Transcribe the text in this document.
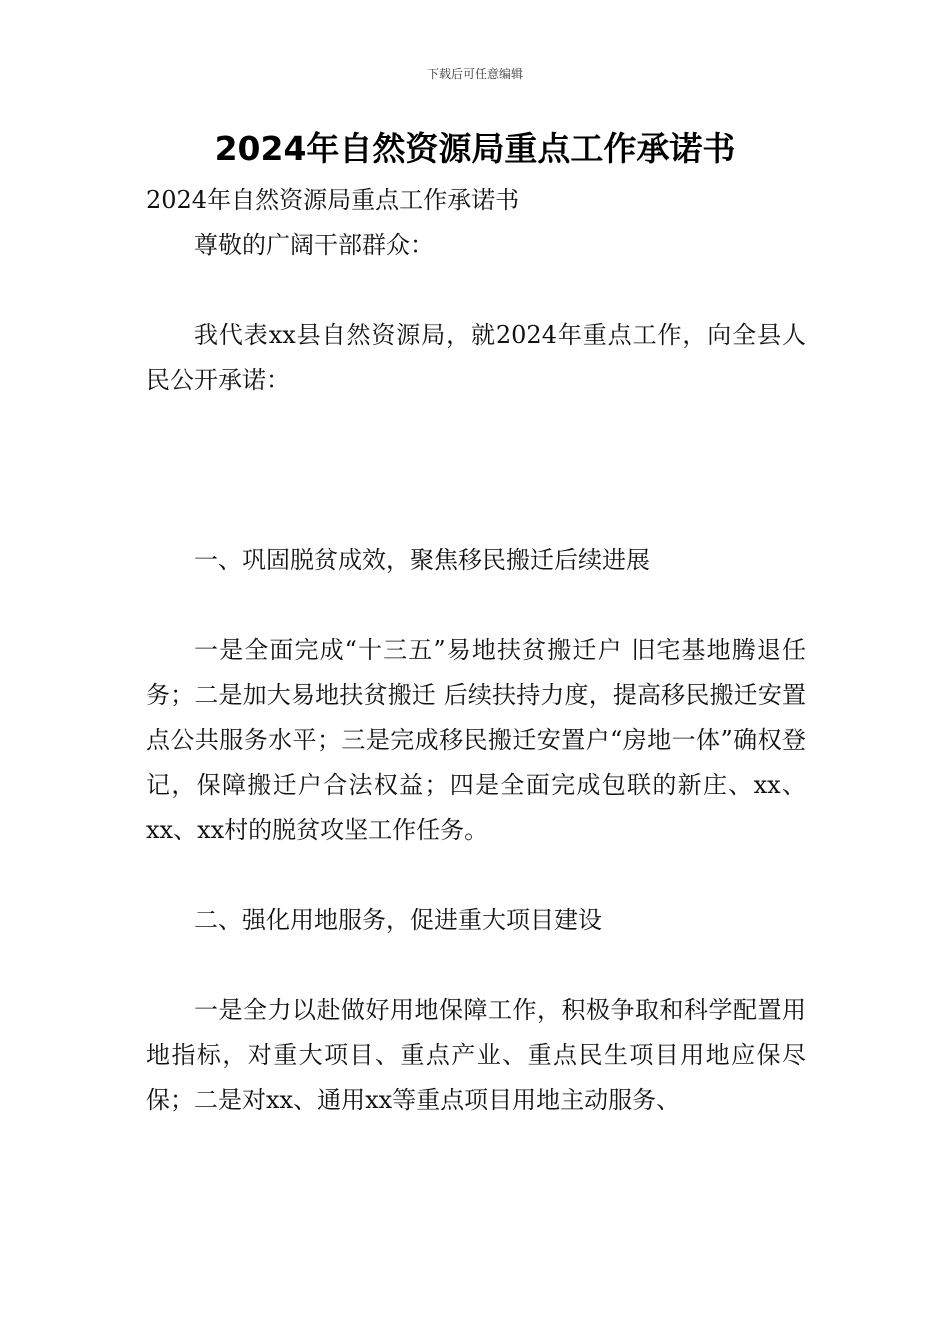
下载后可任意编辑
2024年自然资源局重点工作承诺书

2024年自然资源局重点工作承诺书

尊敬的广阔干部群众：

我代表xx县自然资源局，就2024年重点工作，向全县人民公开承诺：

一、巩固脱贫成效，聚焦移民搬迁后续进展

一是全面完成“十三五”易地扶贫搬迁户 旧宅基地腾退任务；二是加大易地扶贫搬迁 后续扶持力度，提高移民搬迁安置点公共服务水平；三是完成移民搬迁安置户“房地一体”确权登记，保障搬迁户合法权益；四是全面完成包联的新庄、xx、xx、xx村的脱贫攻坚工作任务。

二、强化用地服务，促进重大项目建设

一是全力以赴做好用地保障工作，积极争取和科学配置用地指标，对重大项目、重点产业、重点民生项目用地应保尽保；二是对xx、通用xx等重点项目用地主动服务、
